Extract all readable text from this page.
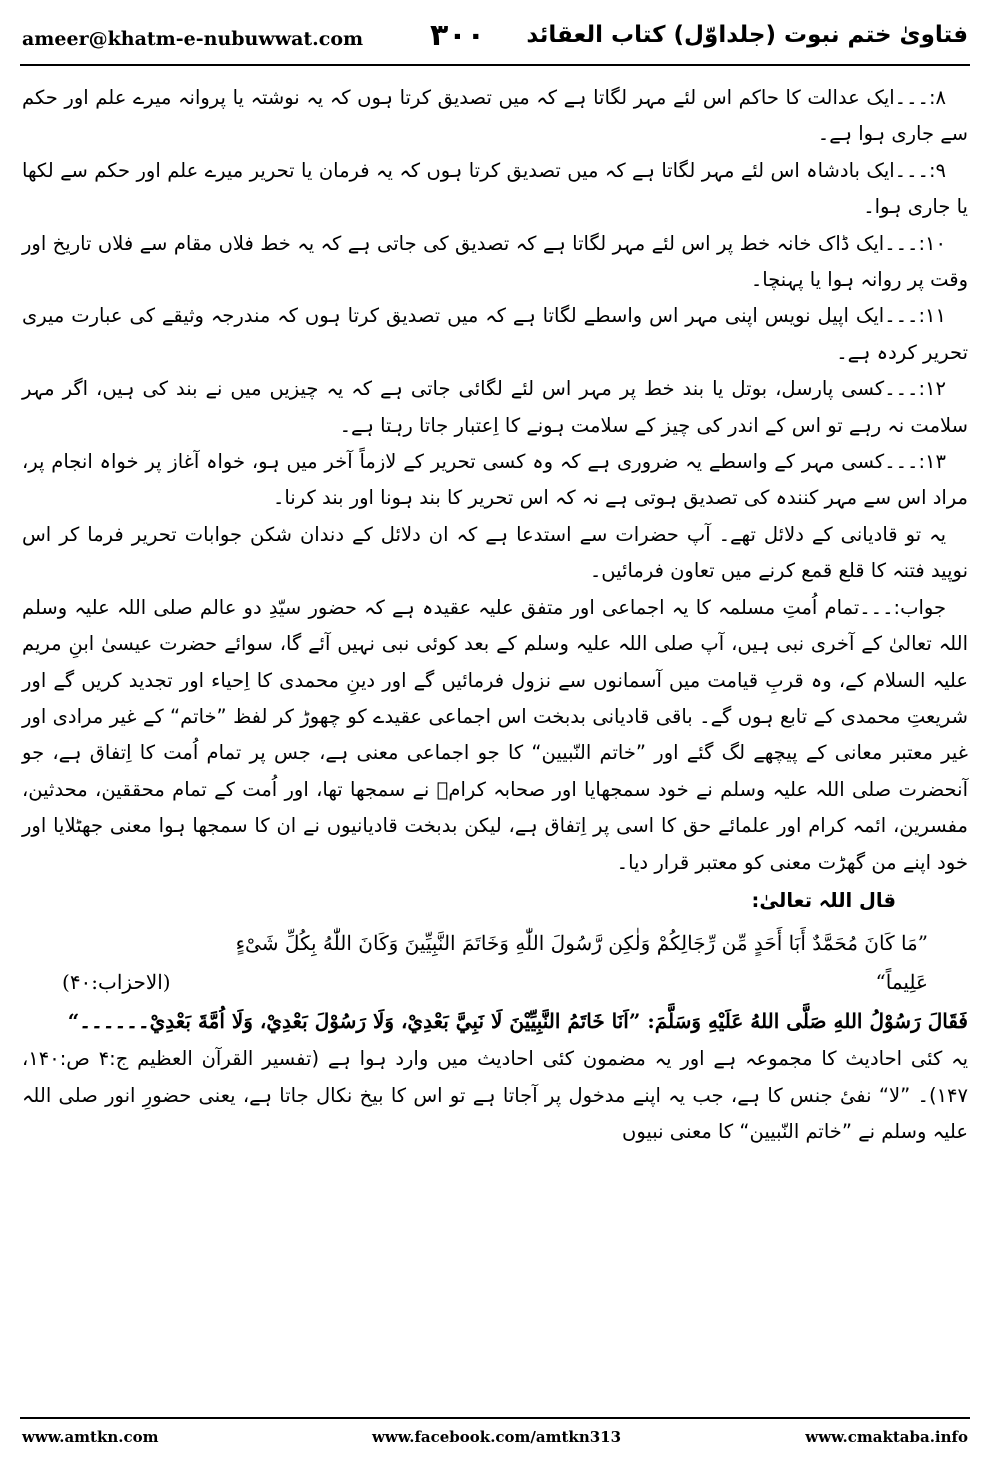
ameer@khatm-e-nubuwwat.com ۳۰۰ فتاویٰ ختم نبوت (جلداوّل) کتاب العقائد

۸:۔۔۔ایک عدالت کا حاکم اس لئے مہر لگاتا ہے کہ میں تصدیق کرتا ہوں کہ یہ نوشتہ یا پروانہ میرے علم اور حکم سے جاری ہوا ہے۔

۹:۔۔۔ایک بادشاہ اس لئے مہر لگاتا ہے کہ میں تصدیق کرتا ہوں کہ یہ فرمان یا تحریر میرے علم اور حکم سے لکھا یا جاری ہوا۔

۱۰:۔۔۔ایک ڈاک خانہ خط پر اس لئے مہر لگاتا ہے کہ تصدیق کی جاتی ہے کہ یہ خط فلاں مقام سے فلاں تاریخ اور وقت پر روانہ ہوا یا پہنچا۔

۱۱:۔۔۔ایک اپیل نویس اپنی مہر اس واسطے لگاتا ہے کہ میں تصدیق کرتا ہوں کہ مندرجہ وثیقے کی عبارت میری تحریر کردہ ہے۔

۱۲:۔۔۔کسی پارسل، بوتل یا بند خط پر مہر اس لئے لگائی جاتی ہے کہ یہ چیزیں میں نے بند کی ہیں، اگر مہر سلامت نہ رہے تو اس کے اندر کی چیز کے سلامت ہونے کا اِعتبار جاتا رہتا ہے۔

۱۳:۔۔۔کسی مہر کے واسطے یہ ضروری ہے کہ وہ کسی تحریر کے لازماً آخر میں ہو، خواہ آغاز پر خواہ انجام پر، مراد اس سے مہر کنندہ کی تصدیق ہوتی ہے نہ کہ اس تحریر کا بند ہونا اور بند کرنا۔

یہ تو قادیانی کے دلائل تھے۔ آپ حضرات سے استدعا ہے کہ ان دلائل کے دندان شکن جوابات تحریر فرما کر اس نوپید فتنہ کا قلع قمع کرنے میں تعاون فرمائیں۔

جواب:۔۔۔تمام اُمتِ مسلمہ کا یہ اجماعی اور متفق علیہ عقیدہ ہے کہ حضور سیّدِ دو عالم صلی اللہ علیہ وسلم اللہ تعالیٰ کے آخری نبی ہیں، آپ صلی اللہ علیہ وسلم کے بعد کوئی نبی نہیں آئے گا، سوائے حضرت عیسیٰ ابنِ مریم علیہ السلام کے، وہ قربِ قیامت میں آسمانوں سے نزول فرمائیں گے اور دینِ محمدی کا اِحیاء اور تجدید کریں گے اور شریعتِ محمدی کے تابع ہوں گے۔ باقی قادیانی بدبخت اس اجماعی عقیدے کو چھوڑ کر لفظ ”خاتم“ کے غیر مرادی اور غیر معتبر معانی کے پیچھے لگ گئے اور ”خاتم النّبیین“ کا جو اجماعی معنی ہے، جس پر تمام اُمت کا اِتفاق ہے، جو آنحضرت صلی اللہ علیہ وسلم نے خود سمجھایا اور صحابہ کرامؓ نے سمجھا تھا، اور اُمت کے تمام محققین، محدثین، مفسرین، ائمہ کرام اور علمائے حق کا اسی پر اِتفاق ہے، لیکن بدبخت قادیانیوں نے ان کا سمجھا ہوا معنی جھٹلایا اور خود اپنے من گھڑت معنی کو معتبر قرار دیا۔

قال اللہ تعالیٰ:

”مَا كَانَ مُحَمَّدٌ أَبَا أَحَدٍ مِّن رِّجَالِكُمْ وَلٰكِن رَّسُولَ اللّٰهِ وَخَاتَمَ النَّبِيِّينَ وَكَانَ اللّٰهُ بِكُلِّ شَىْءٍ

عَلِيماً“
(الاحزاب:۴۰)

فَقَالَ رَسُوْلُ اللهِ صَلَّى اللهُ عَلَيْهِ وَسَلَّمَ: ”اَنَا خَاتَمُ النَّبِيِّيْنَ لَا نَبِيَّ بَعْدِيْ، وَلَا رَسُوْلَ بَعْدِيْ، وَلَا اُمَّةَ بَعْدِيْ۔۔۔۔۔۔“

یہ کئی احادیث کا مجموعہ ہے اور یہ مضمون کئی احادیث میں وارد ہوا ہے (تفسیر القرآن العظیم ج:۴ ص:۱۴۰، ۱۴۷)۔ ”لا“ نفیٔ جنس کا ہے، جب یہ اپنے مدخول پر آجاتا ہے تو اس کا بیخ نکال جاتا ہے، یعنی حضورِ انور صلی اللہ علیہ وسلم نے ”خاتم النّبیین“ کا معنی نبیوں

www.amtkn.com	www.facebook.com/amtkn313	www.cmaktaba.info
